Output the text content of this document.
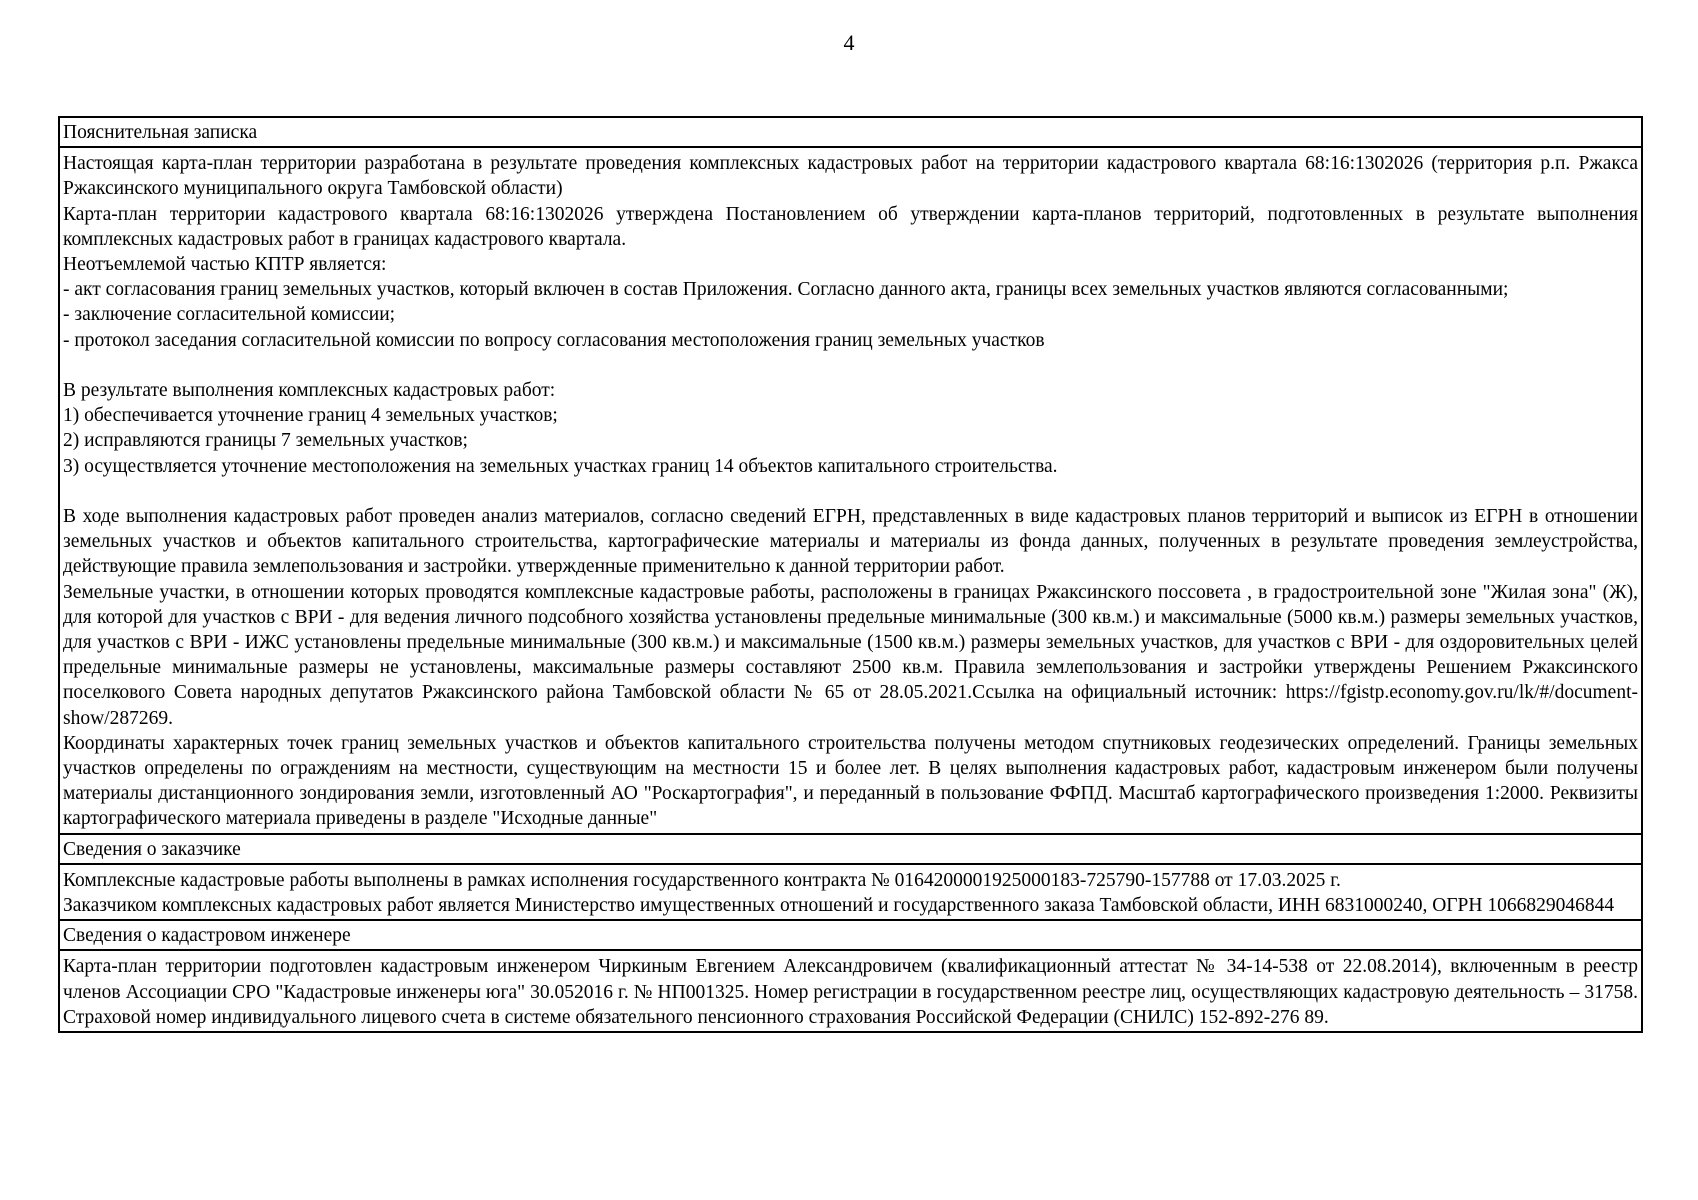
4
Пояснительная записка
Настоящая карта-план территории разработана в результате проведения комплексных кадастровых работ на территории кадастрового квартала 68:16:1302026 (территория р.п. Ржакса Ржаксинского муниципального округа Тамбовской области)
Карта-план территории кадастрового квартала 68:16:1302026 утверждена Постановлением об утверждении карта-планов территорий, подготовленных в результате выполнения комплексных кадастровых работ в границах кадастрового квартала.
Неотъемлемой частью КПТР является:
- акт согласования границ земельных участков, который включен в состав Приложения. Согласно данного акта, границы всех земельных участков являются согласованными;
- заключение согласительной комиссии;
- протокол заседания согласительной комиссии по вопросу согласования местоположения границ земельных участков
В результате выполнения комплексных кадастровых работ:
1) обеспечивается уточнение границ 4 земельных участков;
2) исправляются границы 7 земельных участков;
3) осуществляется уточнение местоположения на земельных участках границ 14 объектов капитального строительства.
В ходе выполнения кадастровых работ проведен анализ материалов, согласно сведений ЕГРН, представленных в виде кадастровых планов территорий и выписок из ЕГРН в отношении земельных участков и объектов капитального строительства, картографические материалы и материалы из фонда данных, полученных в результате проведения землеустройства, действующие правила землепользования и застройки. утвержденные применительно к данной территории работ.
Земельные участки, в отношении которых проводятся комплексные кадастровые работы, расположены в границах Ржаксинского поссовета , в градостроительной зоне "Жилая зона" (Ж), для которой для участков с ВРИ - для ведения личного подсобного хозяйства установлены предельные минимальные (300 кв.м.) и максимальные (5000 кв.м.) размеры земельных участков, для участков с ВРИ - ИЖС установлены предельные минимальные (300 кв.м.) и максимальные (1500 кв.м.) размеры земельных участков, для участков с ВРИ - для оздоровительных целей предельные минимальные размеры не установлены, максимальные размеры составляют 2500 кв.м. Правила землепользования и застройки утверждены Решением Ржаксинского поселкового Совета народных депутатов Ржаксинского района Тамбовской области № 65 от 28.05.2021.Ссылка на официальный источник: https://fgistp.economy.gov.ru/lk/#/document-show/287269.
Координаты характерных точек границ земельных участков и объектов капитального строительства получены методом спутниковых геодезических определений. Границы земельных участков определены по ограждениям на местности, существующим на местности 15 и более лет. В целях выполнения кадастровых работ, кадастровым инженером были получены материалы дистанционного зондирования земли, изготовленный АО "Роскартография", и переданный в пользование ФФПД. Масштаб картографического произведения 1:2000. Реквизиты картографического материала приведены в разделе "Исходные данные"
Сведения о заказчике
Комплексные кадастровые работы выполнены в рамках исполнения государственного контракта № 0164200001925000183-725790-157788 от 17.03.2025 г.
Заказчиком комплексных кадастровых работ является Министерство имущественных отношений и государственного заказа Тамбовской области, ИНН 6831000240, ОГРН 1066829046844
Сведения о кадастровом инженере
Карта-план территории подготовлен кадастровым инженером Чиркиным Евгением Александровичем (квалификационный аттестат № 34-14-538 от 22.08.2014), включенным в реестр членов Ассоциации СРО "Кадастровые инженеры юга" 30.052016 г. № НП001325. Номер регистрации в государственном реестре лиц, осуществляющих кадастровую деятельность – 31758. Страховой номер индивидуального лицевого счета в системе обязательного пенсионного страхования Российской Федерации (СНИЛС) 152-892-276 89.
